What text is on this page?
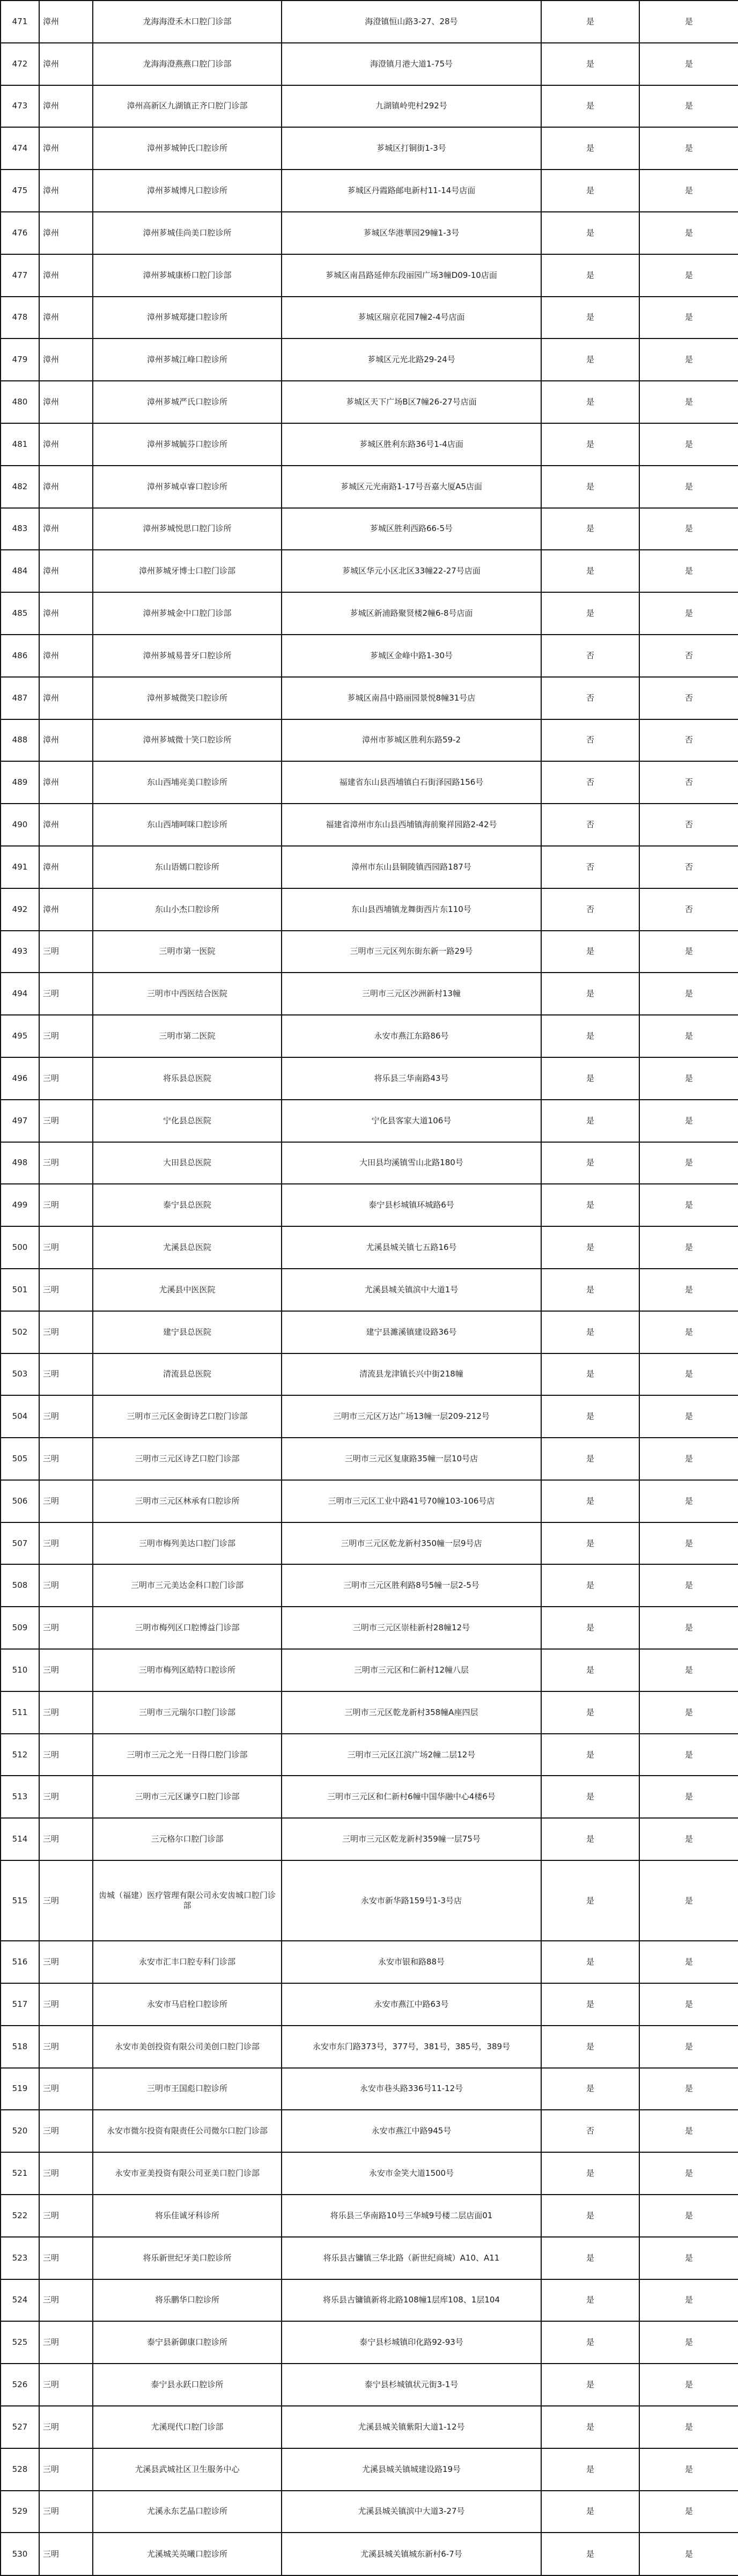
471	漳州	龙海海澄禾木口腔门诊部	海澄镇恒山路3-27、28号	是	是
472	漳州	龙海海澄燕燕口腔门诊部	海澄镇月港大道1-75号	是	是
473	漳州	漳州高新区九湖镇正齐口腔门诊部	九湖镇岭兜村292号	是	是
474	漳州	漳州芗城钟氏口腔诊所	芗城区打铜街1-3号	是	是
475	漳州	漳州芗城博凡口腔诊所	芗城区丹霞路邮电新村11-14号店面	是	是
476	漳州	漳州芗城佳尚美口腔诊所	芗城区华港華园29幢1-3号	是	是
477	漳州	漳州芗城康桥口腔门诊部	芗城区南昌路延伸东段丽园广场3幢D09-10店面	是	是
478	漳州	漳州芗城郑捷口腔诊所	芗城区瑞京花园7幢2-4号店面	是	是
479	漳州	漳州芗城江峰口腔诊所	芗城区元光北路29-24号	是	是
480	漳州	漳州芗城严氏口腔诊所	芗城区天下广场B区7幢26-27号店面	是	是
481	漳州	漳州芗城毓芬口腔诊所	芗城区胜利东路36号1-4店面	是	是
482	漳州	漳州芗城卓睿口腔诊所	芗城区元光南路1-17号吾嘉大厦A5店面	是	是
483	漳州	漳州芗城悦思口腔门诊所	芗城区胜利西路66-5号	是	是
484	漳州	漳州芗城牙博士口腔门诊部	芗城区华元小区北区33幢22-27号店面	是	是
485	漳州	漳州芗城金中口腔门诊部	芗城区新浦路聚贤楼2幢6-8号店面	是	是
486	漳州	漳州芗城易普牙口腔诊所	芗城区金峰中路1-30号	否	否
487	漳州	漳州芗城微笑口腔诊所	芗城区南昌中路丽园景悦8幢31号店	否	否
488	漳州	漳州芗城微十笑口腔诊所	漳州市芗城区胜利东路59-2	否	否
489	漳州	东山西埔亮美口腔诊所	福建省东山县西埔镇白石街泽园路156号	否	否
490	漳州	东山西埔呵咪口腔诊所	福建省漳州市东山县西埔镇海前聚祥园路2-42号	否	否
491	漳州	东山语嫣口腔诊所	漳州市东山县铜陵镇西园路187号	否	否
492	漳州	东山小杰口腔诊所	东山县西埔镇龙舞街西片东110号	否	否
493	三明	三明市第一医院	三明市三元区列东街东新一路29号	是	是
494	三明	三明市中西医结合医院	三明市三元区沙洲新村13幢	是	是
495	三明	三明市第二医院	永安市燕江东路86号	是	是
496	三明	将乐县总医院	将乐县三华南路43号	是	是
497	三明	宁化县总医院	宁化县客家大道106号	是	是
498	三明	大田县总医院	大田县均溪镇雪山北路180号	是	是
499	三明	泰宁县总医院	泰宁县杉城镇环城路6号	是	是
500	三明	尤溪县总医院	尤溪县城关镇七五路16号	是	是
501	三明	尤溪县中医医院	尤溪县城关镇滨中大道1号	是	是
502	三明	建宁县总医院	建宁县濉溪镇建设路36号	是	是
503	三明	清流县总医院	清流县龙津镇长兴中街218幢	是	是
504	三明	三明市三元区金街诗艺口腔门诊部	三明市三元区万达广场13幢一层209-212号	是	是
505	三明	三明市三元区诗艺口腔门诊部	三明市三元区复康路35幢一层10号店	是	是
506	三明	三明市三元区林承有口腔诊所	三明市三元区工业中路41号70幢103-106号店	是	是
507	三明	三明市梅列美达口腔门诊部	三明市三元区乾龙新村350幢一层9号店	是	是
508	三明	三明市三元美达金科口腔门诊部	三明市三元区胜利路8号5幢一层2-5号	是	是
509	三明	三明市梅列区口腔博益门诊部	三明市三元区崇桂新村28幢12号	是	是
510	三明	三明市梅列区皓特口腔诊所	三明市三元区和仁新村12幢八层	是	是
511	三明	三明市三元瑞尔口腔门诊部	三明市三元区乾龙新村358幢A座四层	是	是
512	三明	三明市三元之光一日得口腔门诊部	三明市三元区江滨广场2幢二层12号	是	是
513	三明	三明市三元区谦亨口腔门诊部	三明市三元区和仁新村6幢中国华融中心4楼6号	是	是
514	三明	三元格尔口腔门诊部	三明市三元区乾龙新村359幢一层75号	是	是
515	三明	齿城（福建）医疗管理有限公司永安齿城口腔门诊部	永安市新华路159号1-3号店	是	是
516	三明	永安市汇丰口腔专科门诊部	永安市银和路88号	是	是
517	三明	永安市马启栓口腔诊所	永安市燕江中路63号	是	是
518	三明	永安市美创投资有限公司美创口腔门诊部	永安市东门路373号，377号，381号，385号，389号	是	是
519	三明	三明市王国彪口腔诊所	永安市巷头路336号11-12号	是	是
520	三明	永安市微尔投资有限责任公司微尔口腔门诊部	永安市燕江中路945号	否	是
521	三明	永安市亚美投资有限公司亚美口腔门诊部	永安市金笑大道1500号	是	是
522	三明	将乐佳诚牙科诊所	将乐县三华南路10号三华城9号楼二层店面01	是	是
523	三明	将乐新世纪牙美口腔诊所	将乐县古镛镇三华北路（新世纪商城）A10、A11	是	是
524	三明	将乐鹏华口腔诊所	将乐县古镛镇新将北路108幢1层库108、1层104	是	是
525	三明	泰宁县新御康口腔诊所	泰宁县杉城镇印化路92-93号	是	是
526	三明	泰宁县永跃口腔诊所	泰宁县杉城镇状元街3-1号	是	是
527	三明	尤溪现代口腔门诊部	尤溪县城关镇紫阳大道1-12号	是	是
528	三明	尤溪县武城社区卫生服务中心	尤溪县城关镇城建设路19号	是	是
529	三明	尤溪永东艺晶口腔诊所	尤溪县城关镇滨中大道3-27号	是	是
530	三明	尤溪城关英曦口腔诊所	尤溪县城关镇城东新村6-7号	是	是
